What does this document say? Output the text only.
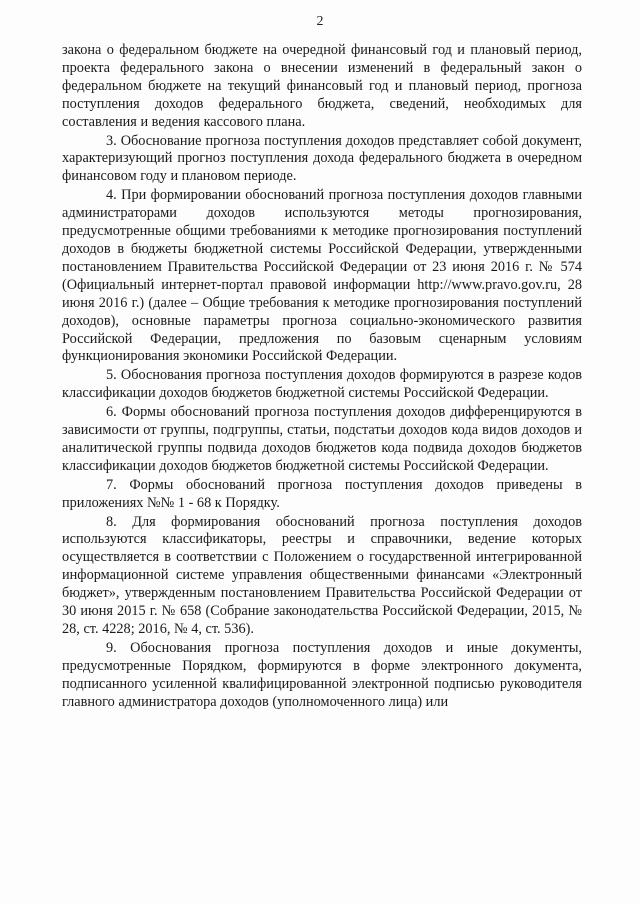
2

закона о федеральном бюджете на очередной финансовый год и плановый период, проекта федерального закона о внесении изменений в федеральный закон о федеральном бюджете на текущий финансовый год и плановый период, прогноза поступления доходов федерального бюджета, сведений, необходимых для составления и ведения кассового плана.

3. Обоснование прогноза поступления доходов представляет собой документ, характеризующий прогноз поступления дохода федерального бюджета в очередном финансовом году и плановом периоде.

4. При формировании обоснований прогноза поступления доходов главными администраторами доходов используются методы прогнозирования, предусмотренные общими требованиями к методике прогнозирования поступлений доходов в бюджеты бюджетной системы Российской Федерации, утвержденными постановлением Правительства Российской Федерации от 23 июня 2016 г. № 574 (Официальный интернет-портал правовой информации http://www.pravo.gov.ru, 28 июня 2016 г.) (далее – Общие требования к методике прогнозирования поступлений доходов), основные параметры прогноза социально-экономического развития Российской Федерации, предложения по базовым сценарным условиям функционирования экономики Российской Федерации.

5. Обоснования прогноза поступления доходов формируются в разрезе кодов классификации доходов бюджетов бюджетной системы Российской Федерации.

6. Формы обоснований прогноза поступления доходов дифференцируются в зависимости от группы, подгруппы, статьи, подстатьи доходов кода видов доходов и аналитической группы подвида доходов бюджетов кода подвида доходов бюджетов классификации доходов бюджетов бюджетной системы Российской Федерации.

7. Формы обоснований прогноза поступления доходов приведены в приложениях №№ 1 - 68 к Порядку.

8. Для формирования обоснований прогноза поступления доходов используются классификаторы, реестры и справочники, ведение которых осуществляется в соответствии с Положением о государственной интегрированной информационной системе управления общественными финансами «Электронный бюджет», утвержденным постановлением Правительства Российской Федерации от 30 июня 2015 г. № 658 (Собрание законодательства Российской Федерации, 2015, № 28, ст. 4228; 2016, № 4, ст. 536).

9. Обоснования прогноза поступления доходов и иные документы, предусмотренные Порядком, формируются в форме электронного документа, подписанного усиленной квалифицированной электронной подписью руководителя главного администратора доходов (уполномоченного лица) или
